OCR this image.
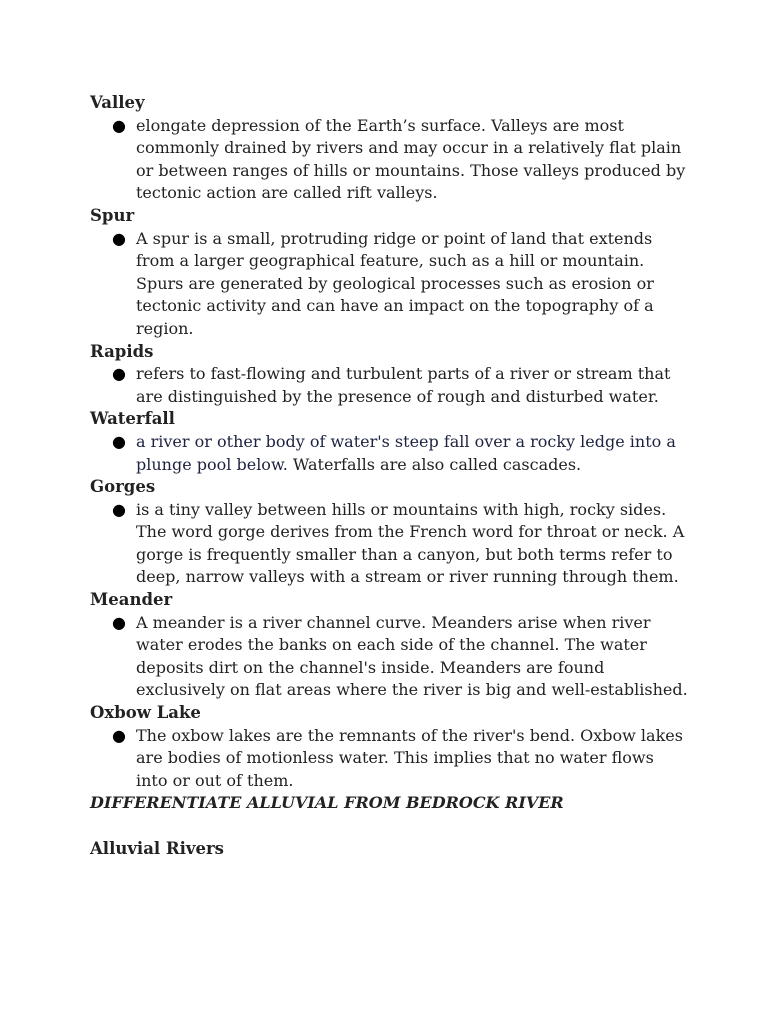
Valley

● elongate depression of the Earth’s surface. Valleys are most commonly drained by rivers and may occur in a relatively flat plain or between ranges of hills or mountains. Those valleys produced by tectonic action are called rift valleys.

Spur

● A spur is a small, protruding ridge or point of land that extends from a larger geographical feature, such as a hill or mountain. Spurs are generated by geological processes such as erosion or tectonic activity and can have an impact on the topography of a region.

Rapids

● refers to fast-flowing and turbulent parts of a river or stream that are distinguished by the presence of rough and disturbed water.

Waterfall

● a river or other body of water's steep fall over a rocky ledge into a plunge pool below. Waterfalls are also called cascades.

Gorges

● is a tiny valley between hills or mountains with high, rocky sides. The word gorge derives from the French word for throat or neck. A gorge is frequently smaller than a canyon, but both terms refer to deep, narrow valleys with a stream or river running through them.

Meander

● A meander is a river channel curve. Meanders arise when river water erodes the banks on each side of the channel. The water deposits dirt on the channel's inside. Meanders are found exclusively on flat areas where the river is big and well-established.

Oxbow Lake

● The oxbow lakes are the remnants of the river's bend. Oxbow lakes are bodies of motionless water. This implies that no water flows into or out of them.

DIFFERENTIATE ALLUVIAL FROM BEDROCK RIVER

Alluvial Rivers
